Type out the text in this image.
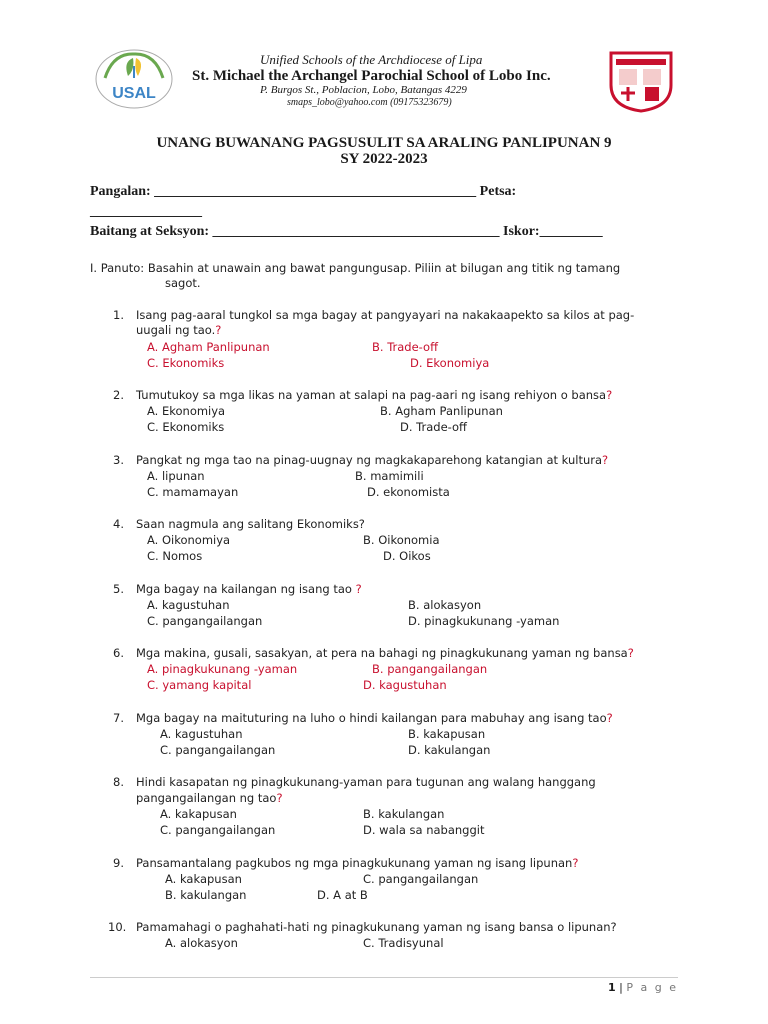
USAL
Unified Schools of the Archdiocese of Lipa
St. Michael the Archangel Parochial School of Lobo Inc.
P. Burgos St., Poblacion, Lobo, Batangas 4229
smaps_lobo@yahoo.com (09175323679)
UNANG BUWANANG PAGSUSULIT SA ARALING PANLIPUNAN 9
SY 2022-2023
Pangalan: ______________________________________________ Petsa:
________________
Baitang at Seksyon: _________________________________________ Iskor:_________
I. Panuto: Basahin at unawain ang bawat pangungusap. Piliin at bilugan ang titik ng tamang
sagot.
1. Isang pag-aaral tungkol sa mga bagay at pangyayari na nakakaapekto sa kilos at pag-
uugali ng tao.?
A. Agham Panlipunan	B. Trade-off
C. Ekonomiks	D. Ekonomiya
2. Tumutukoy sa mga likas na yaman at salapi na pag-aari ng isang rehiyon o bansa?
A. Ekonomiya	B. Agham Panlipunan
C. Ekonomiks	D. Trade-off
3. Pangkat ng mga tao na pinag-uugnay ng magkakaparehong katangian at kultura?
A. lipunan	B. mamimili
C. mamamayan	D. ekonomista
4. Saan nagmula ang salitang Ekonomiks?
A. Oikonomiya	B. Oikonomia
C. Nomos	D. Oikos
5. Mga bagay na kailangan ng isang tao ?
A. kagustuhan	B. alokasyon
C. pangangailangan	D. pinagkukunang -yaman
6. Mga makina, gusali, sasakyan, at pera na bahagi ng pinagkukunang yaman ng bansa?
A. pinagkukunang -yaman	B. pangangailangan
C. yamang kapital	D. kagustuhan
7. Mga bagay na maituturing na luho o hindi kailangan para mabuhay ang isang tao?
A. kagustuhan	B. kakapusan
C. pangangailangan	D. kakulangan
8. Hindi kasapatan ng pinagkukunang-yaman para tugunan ang walang hanggang
pangangailangan ng tao?
A. kakapusan	B. kakulangan
C. pangangailangan	D. wala sa nabanggit
9. Pansamantalang pagkubos ng mga pinagkukunang yaman ng isang lipunan?
A. kakapusan	C. pangangailangan
B. kakulangan	D. A at B
10. Pamamahagi o paghahati-hati ng pinagkukunang yaman ng isang bansa o lipunan?
A. alokasyon	C. Tradisyunal
1 | P a g e
